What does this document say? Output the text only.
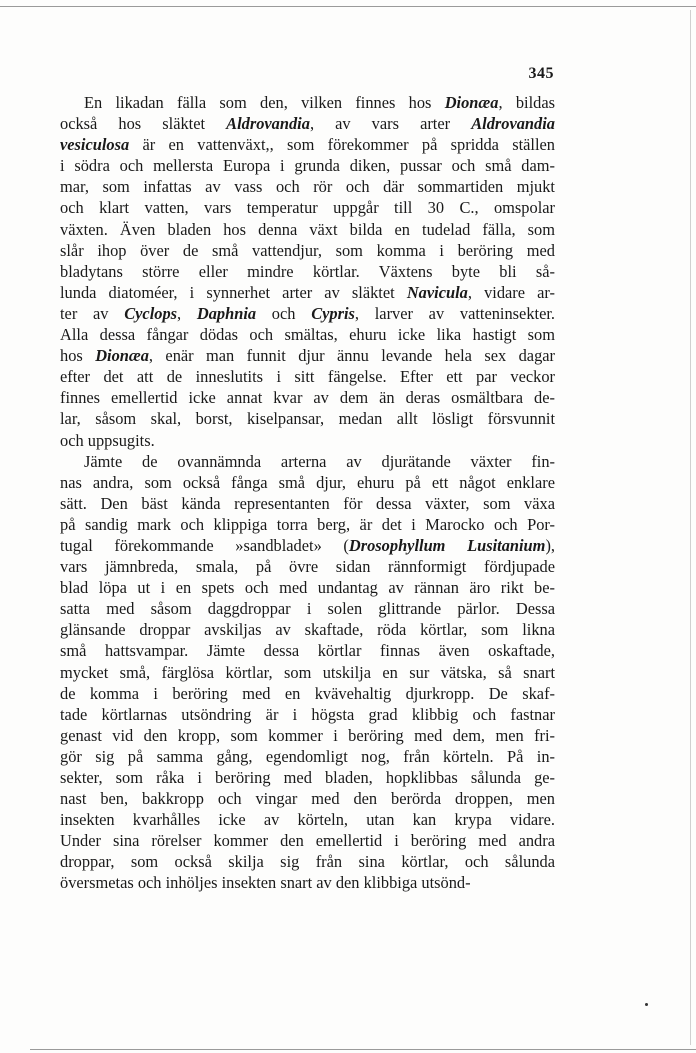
345
En likadan fälla som den, vilken finnes hos Dionæa, bildas
också hos släktet Aldrovandia, av vars arter Aldrovandia
vesiculosa är en vattenväxt,, som förekommer på spridda ställen
i södra och mellersta Europa i grunda diken, pussar och små dam-
mar, som infattas av vass och rör och där sommartiden mjukt
och klart vatten, vars temperatur uppgår till 30 C., omspolar
växten. Även bladen hos denna växt bilda en tudelad fälla, som
slår ihop över de små vattendjur, som komma i beröring med
bladytans större eller mindre körtlar. Växtens byte bli så-
lunda diatoméer, i synnerhet arter av släktet Navicula, vidare ar-
ter av Cyclops, Daphnia och Cypris, larver av vatteninsekter.
Alla dessa fångar dödas och smältas, ehuru icke lika hastigt som
hos Dionæa, enär man funnit djur ännu levande hela sex dagar
efter det att de inneslutits i sitt fängelse. Efter ett par veckor
finnes emellertid icke annat kvar av dem än deras osmältbara de-
lar, såsom skal, borst, kiselpansar, medan allt lösligt försvunnit
och uppsugits.
Jämte de ovannämnda arterna av djurätande växter fin-
nas andra, som också fånga små djur, ehuru på ett något enklare
sätt. Den bäst kända representanten för dessa växter, som växa
på sandig mark och klippiga torra berg, är det i Marocko och Por-
tugal förekommande »sandbladet» (Drosophyllum Lusitanium),
vars jämnbreda, smala, på övre sidan rännformigt fördjupade
blad löpa ut i en spets och med undantag av rännan äro rikt be-
satta med såsom daggdroppar i solen glittrande pärlor. Dessa
glänsande droppar avskiljas av skaftade, röda körtlar, som likna
små hattsvampar. Jämte dessa körtlar finnas även oskaftade,
mycket små, färglösa körtlar, som utskilja en sur vätska, så snart
de komma i beröring med en kvävehaltig djurkropp. De skaf-
tade körtlarnas utsöndring är i högsta grad klibbig och fastnar
genast vid den kropp, som kommer i beröring med dem, men fri-
gör sig på samma gång, egendomligt nog, från körteln. På in-
sekter, som råka i beröring med bladen, hopklibbas sålunda ge-
nast ben, bakkropp och vingar med den berörda droppen, men
insekten kvarhålles icke av körteln, utan kan krypa vidare.
Under sina rörelser kommer den emellertid i beröring med andra
droppar, som också skilja sig från sina körtlar, och sålunda
översmetas och inhöljes insekten snart av den klibbiga utsönd-
